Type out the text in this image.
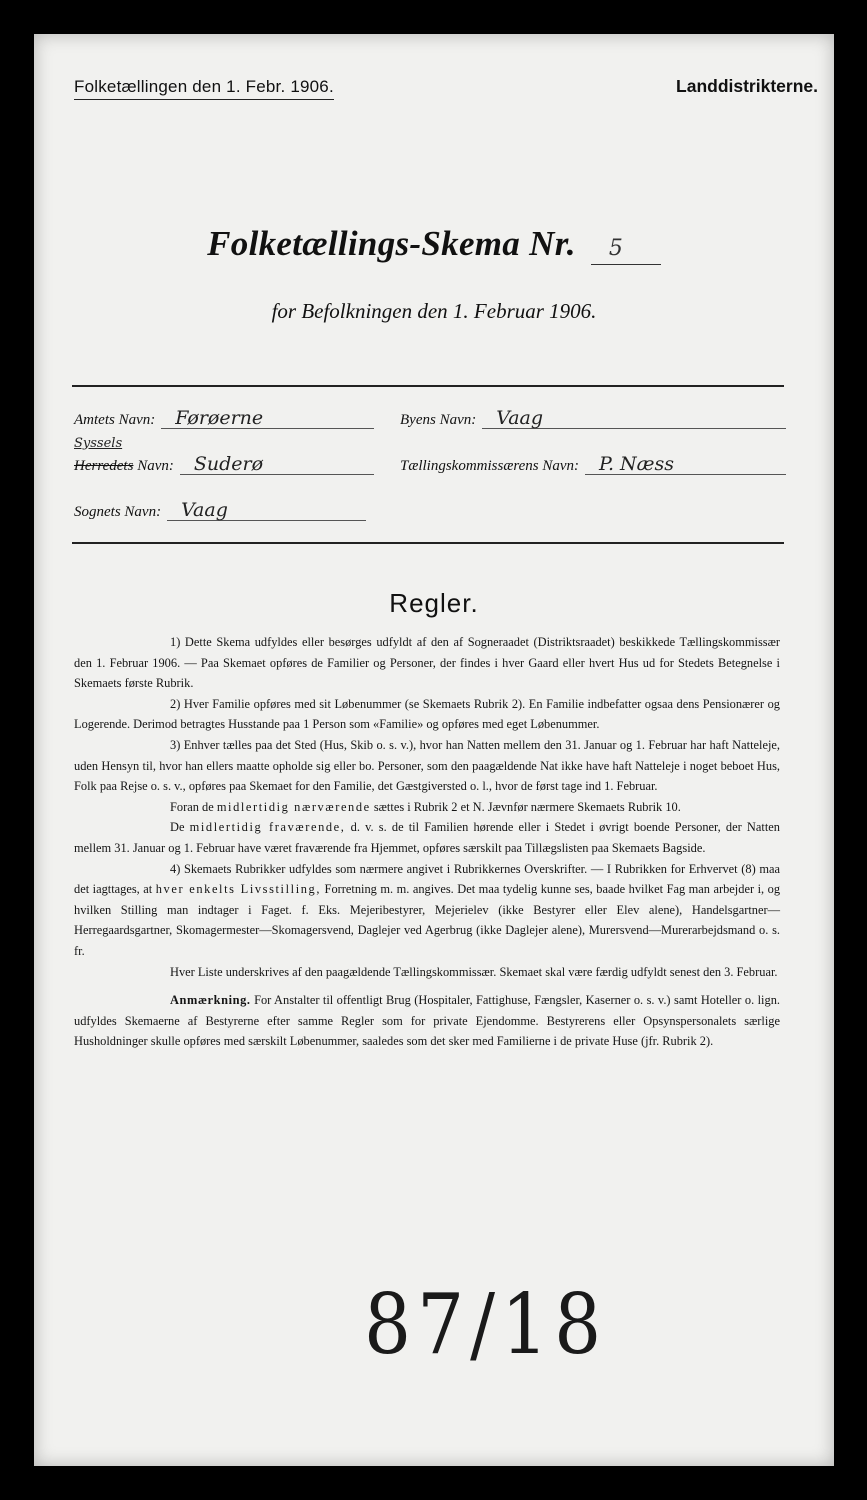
Folketællingen den 1. Febr. 1906.	Landdistrikterne.
Folketællings-Skema Nr. 5
for Befolkningen den 1. Februar 1906.
Amtets Navn:	Førøerne	Byens Navn:	Vaag
Syssels
Herredets Navn:	Suderø	Tællingskommissærens Navn:	P. Næss
Sognets Navn:	Vaag
Regler.

1) Dette Skema udfyldes eller besørges udfyldt af den af Sogneraadet (Distriktsraadet) beskikkede Tællingskommissær den 1. Februar 1906. — Paa Skemaet opføres de Familier og Personer, der findes i hver Gaard eller hvert Hus ud for Stedets Betegnelse i Skemaets første Rubrik.

2) Hver Familie opføres med sit Løbenummer (se Skemaets Rubrik 2). En Familie indbefatter ogsaa dens Pensionærer og Logerende. Derimod betragtes Husstande paa 1 Person som «Familie» og opføres med eget Løbenummer.

3) Enhver tælles paa det Sted (Hus, Skib o. s. v.), hvor han Natten mellem den 31. Januar og 1. Februar har haft Natteleje, uden Hensyn til, hvor han ellers maatte opholde sig eller bo. Personer, som den paagældende Nat ikke have haft Natteleje i noget beboet Hus, Folk paa Rejse o. s. v., opføres paa Skemaet for den Familie, det Gæstgiversted o. l., hvor de først tage ind 1. Februar.

Foran de midlertidig nærværende sættes i Rubrik 2 et N. Jævnfør nærmere Skemaets Rubrik 10.

De midlertidig fraværende, d. v. s. de til Familien hørende eller i Stedet i øvrigt boende Personer, der Natten mellem 31. Januar og 1. Februar have været fraværende fra Hjemmet, opføres særskilt paa Tillægslisten paa Skemaets Bagside.

4) Skemaets Rubrikker udfyldes som nærmere angivet i Rubrikkernes Overskrifter. — I Rubrikken for Erhvervet (8) maa det iagttages, at hver enkelts Livsstilling, Forretning m. m. angives. Det maa tydelig kunne ses, baade hvilket Fag man arbejder i, og hvilken Stilling man indtager i Faget. f. Eks. Mejeribestyrer, Mejerielev (ikke Bestyrer eller Elev alene), Handelsgartner—Herregaardsgartner, Skomagermester—Skomagersvend, Daglejer ved Agerbrug (ikke Daglejer alene), Murersvend—Murerarbejdsmand o. s. fr.

Hver Liste underskrives af den paagældende Tællingskommissær. Skemaet skal være færdig udfyldt senest den 3. Februar.

Anmærkning. For Anstalter til offentligt Brug (Hospitaler, Fattighuse, Fængsler, Kaserner o. s. v.) samt Hoteller o. lign. udfyldes Skemaerne af Bestyrerne efter samme Regler som for private Ejendomme. Bestyrerens eller Opsynspersonalets særlige Husholdninger skulle opføres med særskilt Løbenummer, saaledes som det sker med Familierne i de private Huse (jfr. Rubrik 2).

87/18
